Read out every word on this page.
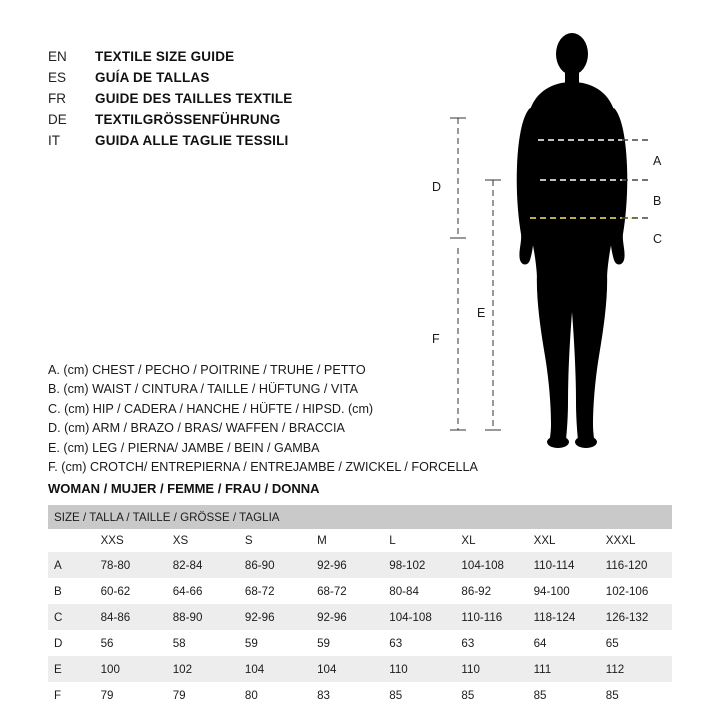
EN	TEXTILE SIZE GUIDE
ES	GUÍA DE TALLAS
FR	GUIDE DES TAILLES TEXTILE
DE	TEXTILGRÖSSENFÜHRUNG
IT	GUIDA ALLE TAGLIE TESSILI
A. (cm) CHEST / PECHO / POITRINE / TRUHE / PETTO
B. (cm) WAIST / CINTURA / TAILLE / HÜFTUNG / VITA
C. (cm) HIP / CADERA / HANCHE / HÜFTE / HIPSD. (cm)
D. (cm) ARM / BRAZO / BRAS/ WAFFEN / BRACCIA
E. (cm) LEG / PIERNA/ JAMBE / BEIN / GAMBA
F. (cm) CROTCH/ ENTREPIERNA / ENTREJAMBE / ZWICKEL / FORCELLA
WOMAN / MUJER / FEMME / FRAU / DONNA
SIZE / TALLA / TAILLE / GRÖSSE / TAGLIA								
	XXS	XS	S	M	L	XL	XXL	XXXL
A	78-80	82-84	86-90	92-96	98-102	104-108	110-114	116-120
B	60-62	64-66	68-72	68-72	80-84	86-92	94-100	102-106
C	84-86	88-90	92-96	92-96	104-108	110-116	118-124	126-132
D	56	58	59	59	63	63	64	65
E	100	102	104	104	110	110	111	112
F	79	79	80	83	85	85	85	85
A
B
C
D
E
F
